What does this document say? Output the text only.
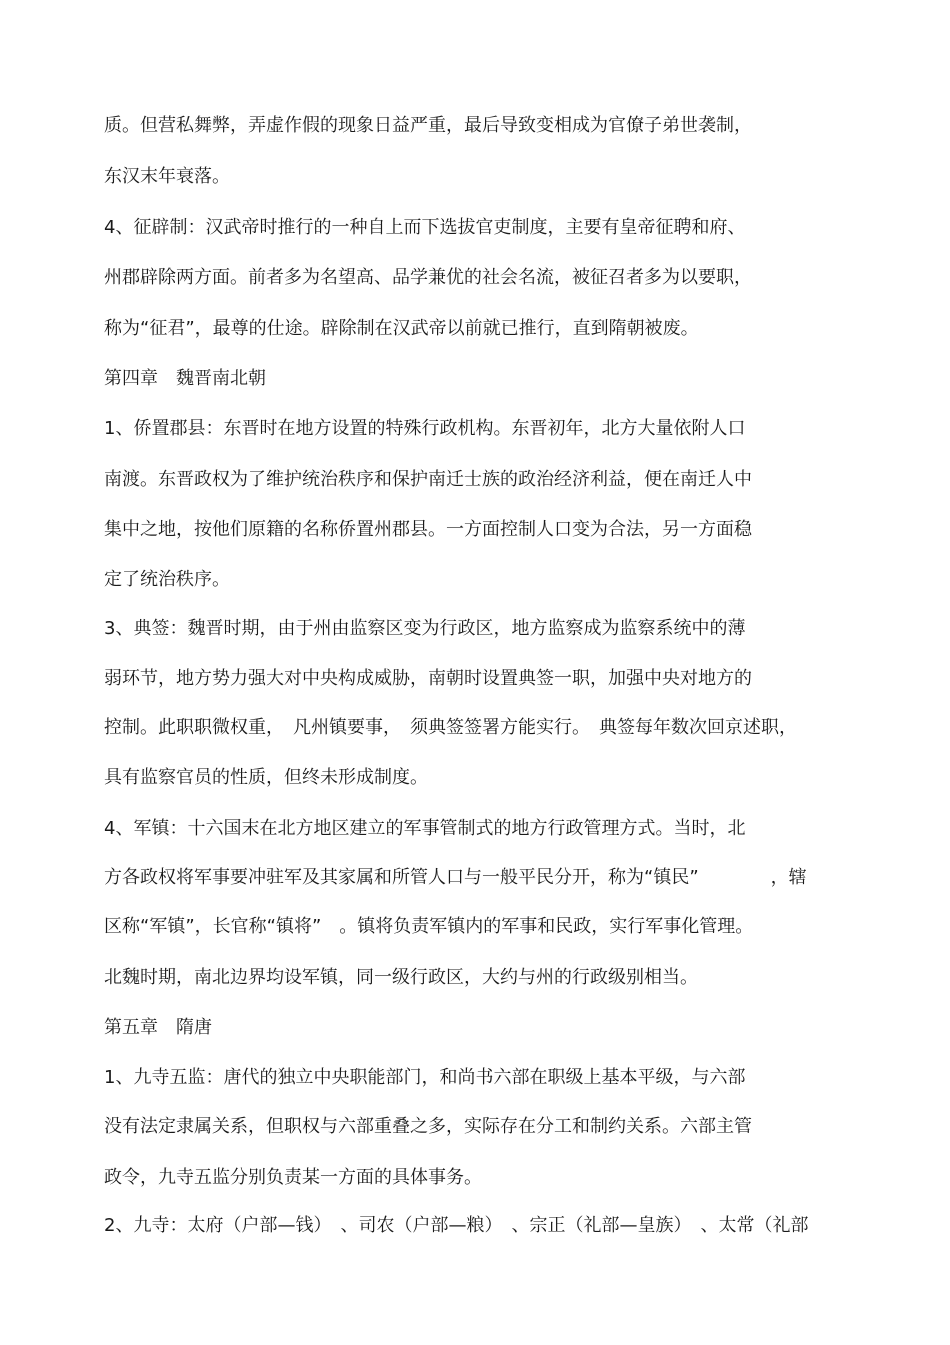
质。但营私舞弊，弄虚作假的现象日益严重，最后导致变相成为官僚子弟世袭制，
东汉末年衰落。
4、征辟制：汉武帝时推行的一种自上而下选拔官吏制度，主要有皇帝征聘和府、
州郡辟除两方面。前者多为名望高、品学兼优的社会名流，被征召者多为以要职，
称为“征君”，最尊的仕途。辟除制在汉武帝以前就已推行，直到隋朝被废。
第四章　魏晋南北朝
1、侨置郡县：东晋时在地方设置的特殊行政机构。东晋初年，北方大量依附人口
南渡。东晋政权为了维护统治秩序和保护南迁士族的政治经济利益，便在南迁人中
集中之地，按他们原籍的名称侨置州郡县。一方面控制人口变为合法，另一方面稳
定了统治秩序。
3、典签：魏晋时期，由于州由监察区变为行政区，地方监察成为监察系统中的薄
弱环节，地方势力强大对中央构成威胁，南朝时设置典签一职，加强中央对地方的
控制。此职职微权重，　凡州镇要事，　须典签签署方能实行。　典签每年数次回京述职，
具有监察官员的性质，但终未形成制度。
4、军镇：十六国末在北方地区建立的军事管制式的地方行政管理方式。当时，北
方各政权将军事要冲驻军及其家属和所管人口与一般平民分开，称为“镇民”　　　　，辖
区称“军镇”，长官称“镇将”　。镇将负责军镇内的军事和民政，实行军事化管理。
北魏时期，南北边界均设军镇，同一级行政区，大约与州的行政级别相当。
第五章　隋唐
1、九寺五监：唐代的独立中央职能部门，和尚书六部在职级上基本平级，与六部
没有法定隶属关系，但职权与六部重叠之多，实际存在分工和制约关系。六部主管
政令，九寺五监分别负责某一方面的具体事务。
2、九寺：太府（户部—钱）　、司农（户部—粮）　、宗正（礼部—皇族）　、太常（礼部
